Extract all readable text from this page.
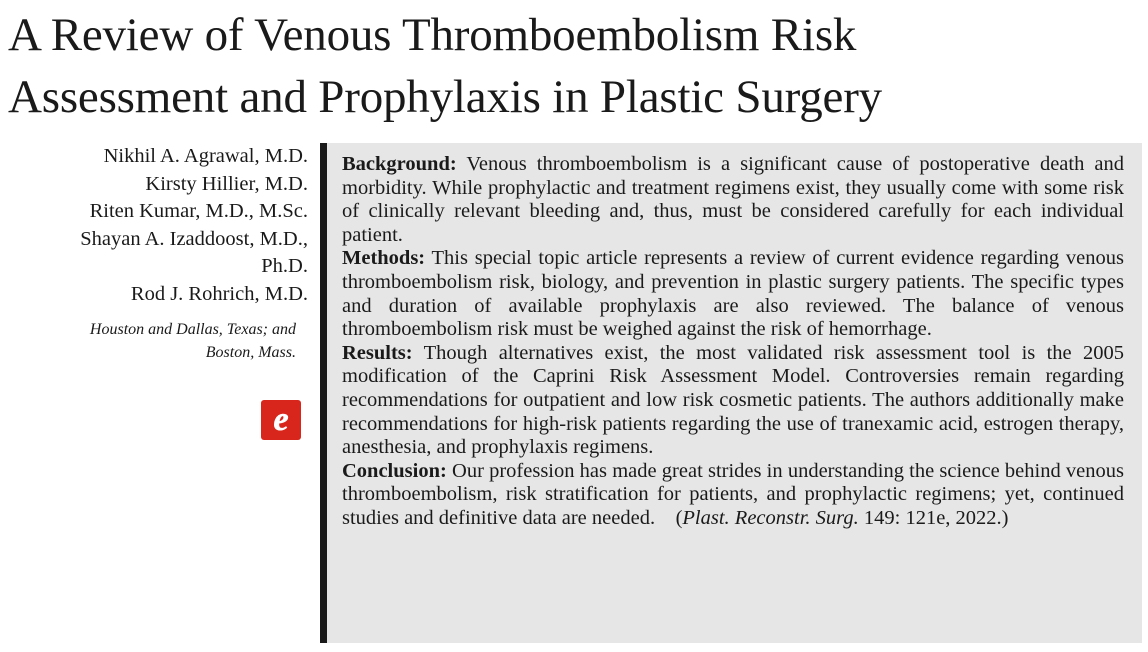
A Review of Venous Thromboembolism Risk
Assessment and Prophylaxis in Plastic Surgery
Nikhil A. Agrawal, M.D.
Kirsty Hillier, M.D.
Riten Kumar, M.D., M.Sc.
Shayan A. Izaddoost, M.D.,
Ph.D.
Rod J. Rohrich, M.D.
Houston and Dallas, Texas; and
Boston, Mass.
e

Background: Venous thromboembolism is a significant cause of postoperative death and morbidity. While prophylactic and treatment regimens exist, they usually come with some risk of clinically relevant bleeding and, thus, must be considered carefully for each individual patient.

Methods: This special topic article represents a review of current evidence regarding venous thromboembolism risk, biology, and prevention in plastic surgery patients. The specific types and duration of available prophylaxis are also reviewed. The balance of venous thromboembolism risk must be weighed against the risk of hemorrhage.

Results: Though alternatives exist, the most validated risk assessment tool is the 2005 modification of the Caprini Risk Assessment Model. Controversies remain regarding recommendations for outpatient and low risk cosmetic patients. The authors additionally make recommendations for high-risk patients regarding the use of tranexamic acid, estrogen therapy, anesthesia, and prophylaxis regimens.

Conclusion: Our profession has made great strides in understanding the science behind venous thromboembolism, risk stratification for patients, and prophylactic regimens; yet, continued studies and definitive data are needed. (Plast. Reconstr. Surg. 149: 121e, 2022.)
